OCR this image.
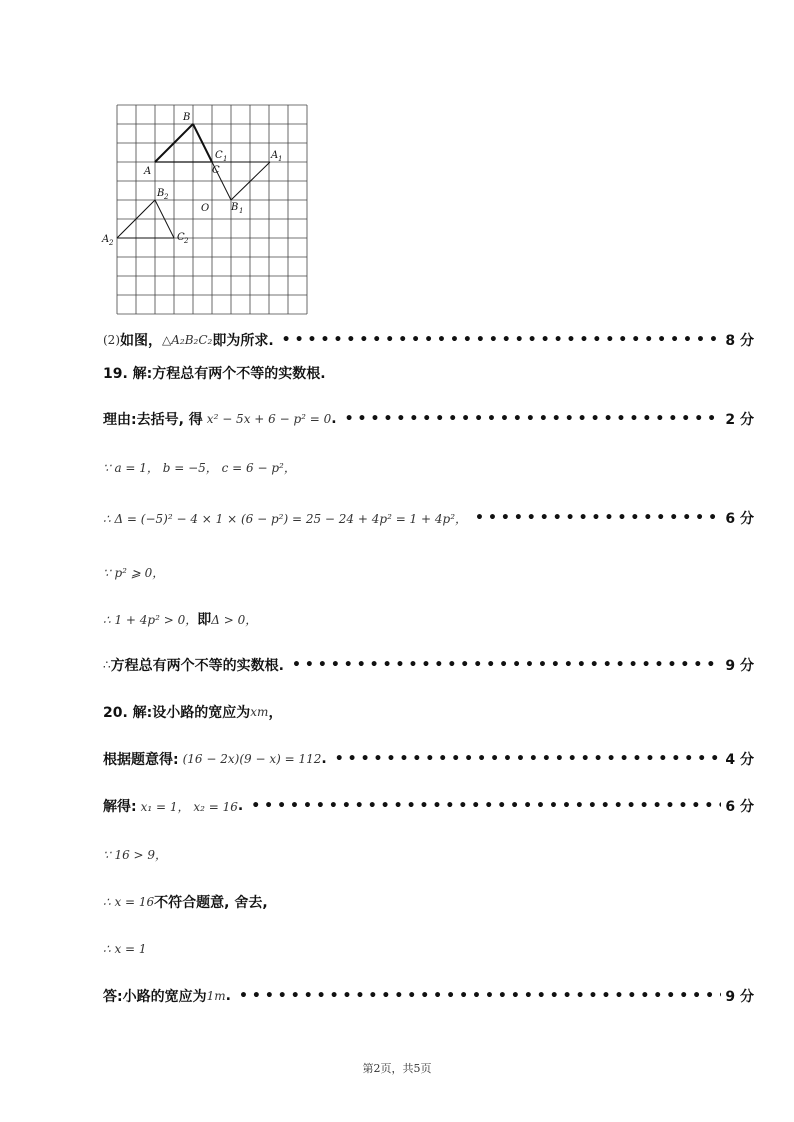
B
A	C
C 1	A 1
O B 1
B 2
A 2	C 2
(2) 如图， △A₂B₂C₂ 即为所求. •••••	8 分
19. 解:方程总有两个不等的实数根.
理由:去括号, 得 x² − 5x + 6 − p² = 0 . •••••	2 分
∵ a = 1， b = −5， c = 6 − p²，
∴ Δ = (−5)² − 4 × 1 × (6 − p²) = 25 − 24 + 4p² = 1 + 4p²， •••••	6 分
∵ p² ⩾ 0，
∴ 1 + 4p² > 0， 即 Δ > 0，
∴ 方程总有两个不等的实数根. •••••	9 分
20. 解:设小路的宽应为 xm ，
根据题意得: (16 − 2x)(9 − x) = 112 . •••••	4 分
解得: x₁ = 1， x₂ = 16 . •••••	6 分
∵ 16 > 9，
∴ x = 16 不符合题意, 舍去,
∴ x = 1
答:小路的宽应为 1m . •••••	9 分
第2页，共5页
